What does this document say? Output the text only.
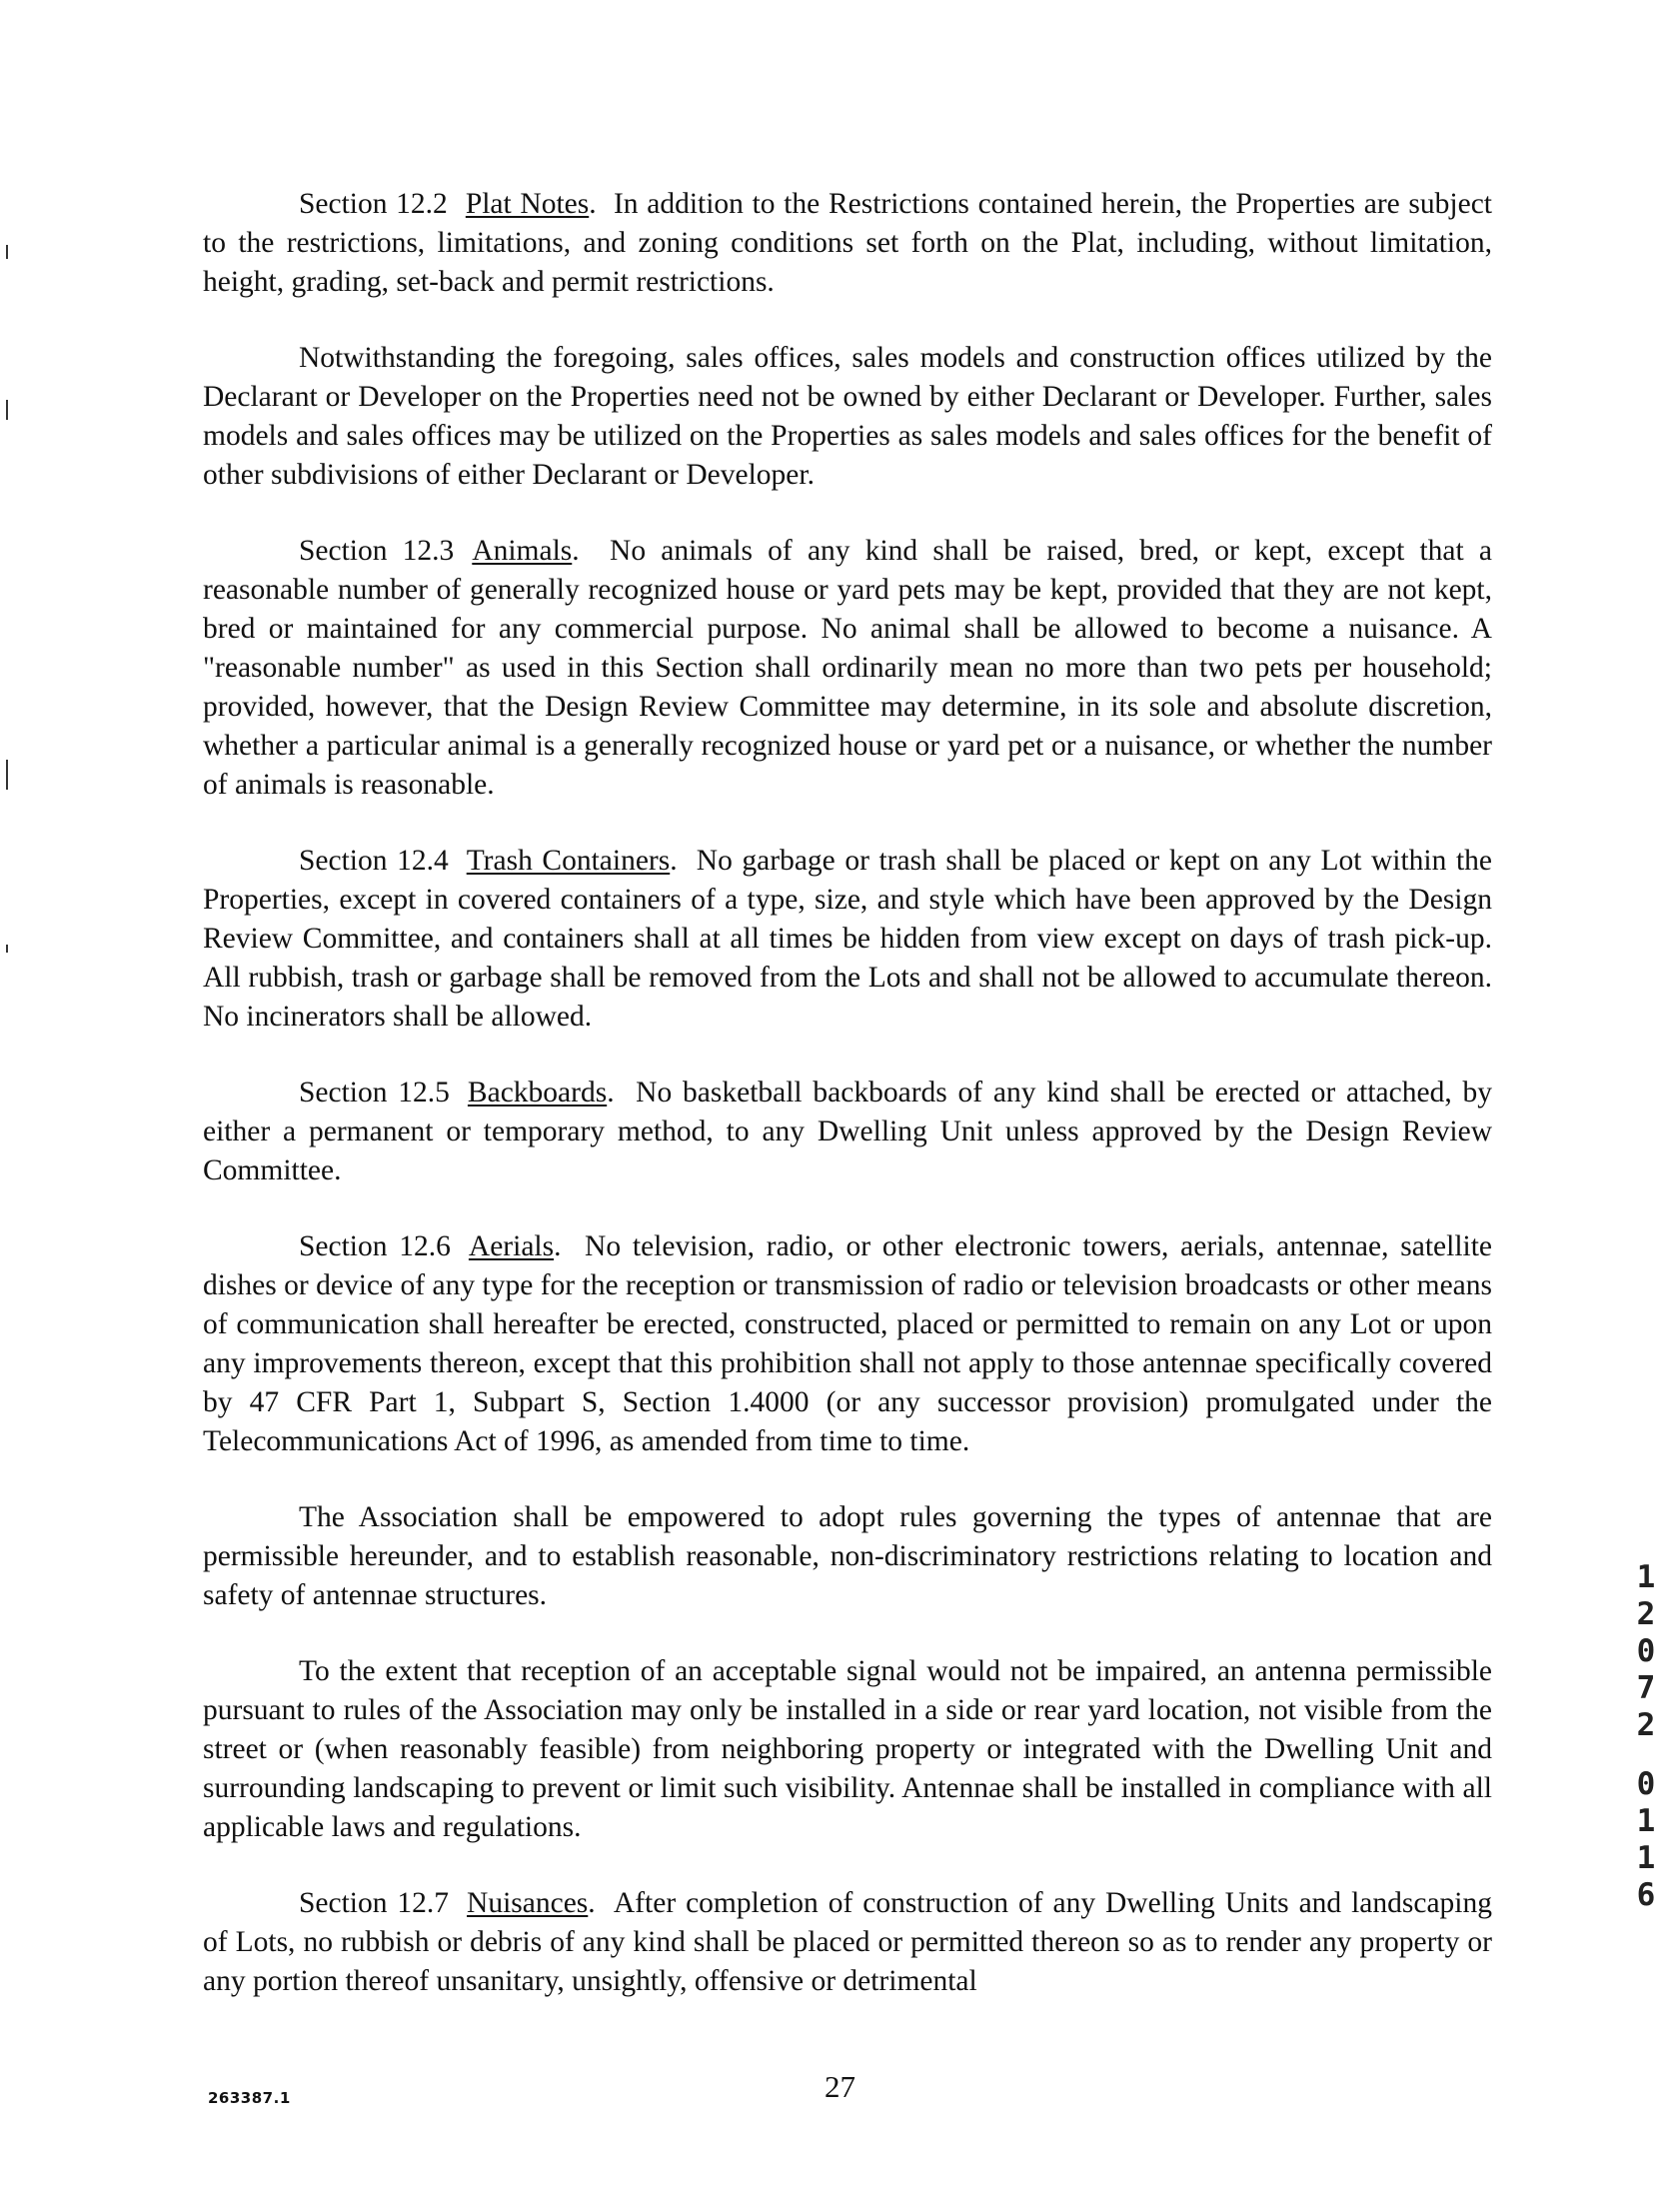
Section 12.2 Plat Notes.  In addition to the Restrictions contained herein, the Properties are subject to the restrictions, limitations, and zoning conditions set forth on the Plat, including, without limitation, height, grading, set-back and permit restrictions.

Notwithstanding the foregoing, sales offices, sales models and construction offices utilized by the Declarant or Developer on the Properties need not be owned by either Declarant or Developer. Further, sales models and sales offices may be utilized on the Properties as sales models and sales offices for the benefit of other subdivisions of either Declarant or Developer.

Section 12.3 Animals.  No animals of any kind shall be raised, bred, or kept, except that a reasonable number of generally recognized house or yard pets may be kept, provided that they are not kept, bred or maintained for any commercial purpose. No animal shall be allowed to become a nuisance. A "reasonable number" as used in this Section shall ordinarily mean no more than two pets per household; provided, however, that the Design Review Committee may determine, in its sole and absolute discretion, whether a particular animal is a generally recognized house or yard pet or a nuisance, or whether the number of animals is reasonable.

Section 12.4 Trash Containers.  No garbage or trash shall be placed or kept on any Lot within the Properties, except in covered containers of a type, size, and style which have been approved by the Design Review Committee, and containers shall at all times be hidden from view except on days of trash pick-up. All rubbish, trash or garbage shall be removed from the Lots and shall not be allowed to accumulate thereon. No incinerators shall be allowed.

Section 12.5 Backboards.  No basketball backboards of any kind shall be erected or attached, by either a permanent or temporary method, to any Dwelling Unit unless approved by the Design Review Committee.

Section 12.6 Aerials.  No television, radio, or other electronic towers, aerials, antennae, satellite dishes or device of any type for the reception or transmission of radio or television broadcasts or other means of communication shall hereafter be erected, constructed, placed or permitted to remain on any Lot or upon any improvements thereon, except that this prohibition shall not apply to those antennae specifically covered by 47 CFR Part 1, Subpart S, Section 1.4000 (or any successor provision) promulgated under the Telecommunications Act of 1996, as amended from time to time.

The Association shall be empowered to adopt rules governing the types of antennae that are permissible hereunder, and to establish reasonable, non-discriminatory restrictions relating to location and safety of antennae structures.

To the extent that reception of an acceptable signal would not be impaired, an antenna permissible pursuant to rules of the Association may only be installed in a side or rear yard location, not visible from the street or (when reasonably feasible) from neighboring property or integrated with the Dwelling Unit and surrounding landscaping to prevent or limit such visibility. Antennae shall be installed in compliance with all applicable laws and regulations.

Section 12.7 Nuisances.  After completion of construction of any Dwelling Units and landscaping of Lots, no rubbish or debris of any kind shall be placed or permitted thereon so as to render any property or any portion thereof unsanitary, unsightly, offensive or detrimental

1
2
0
7
2
0
1
1
6
263387.1	27
